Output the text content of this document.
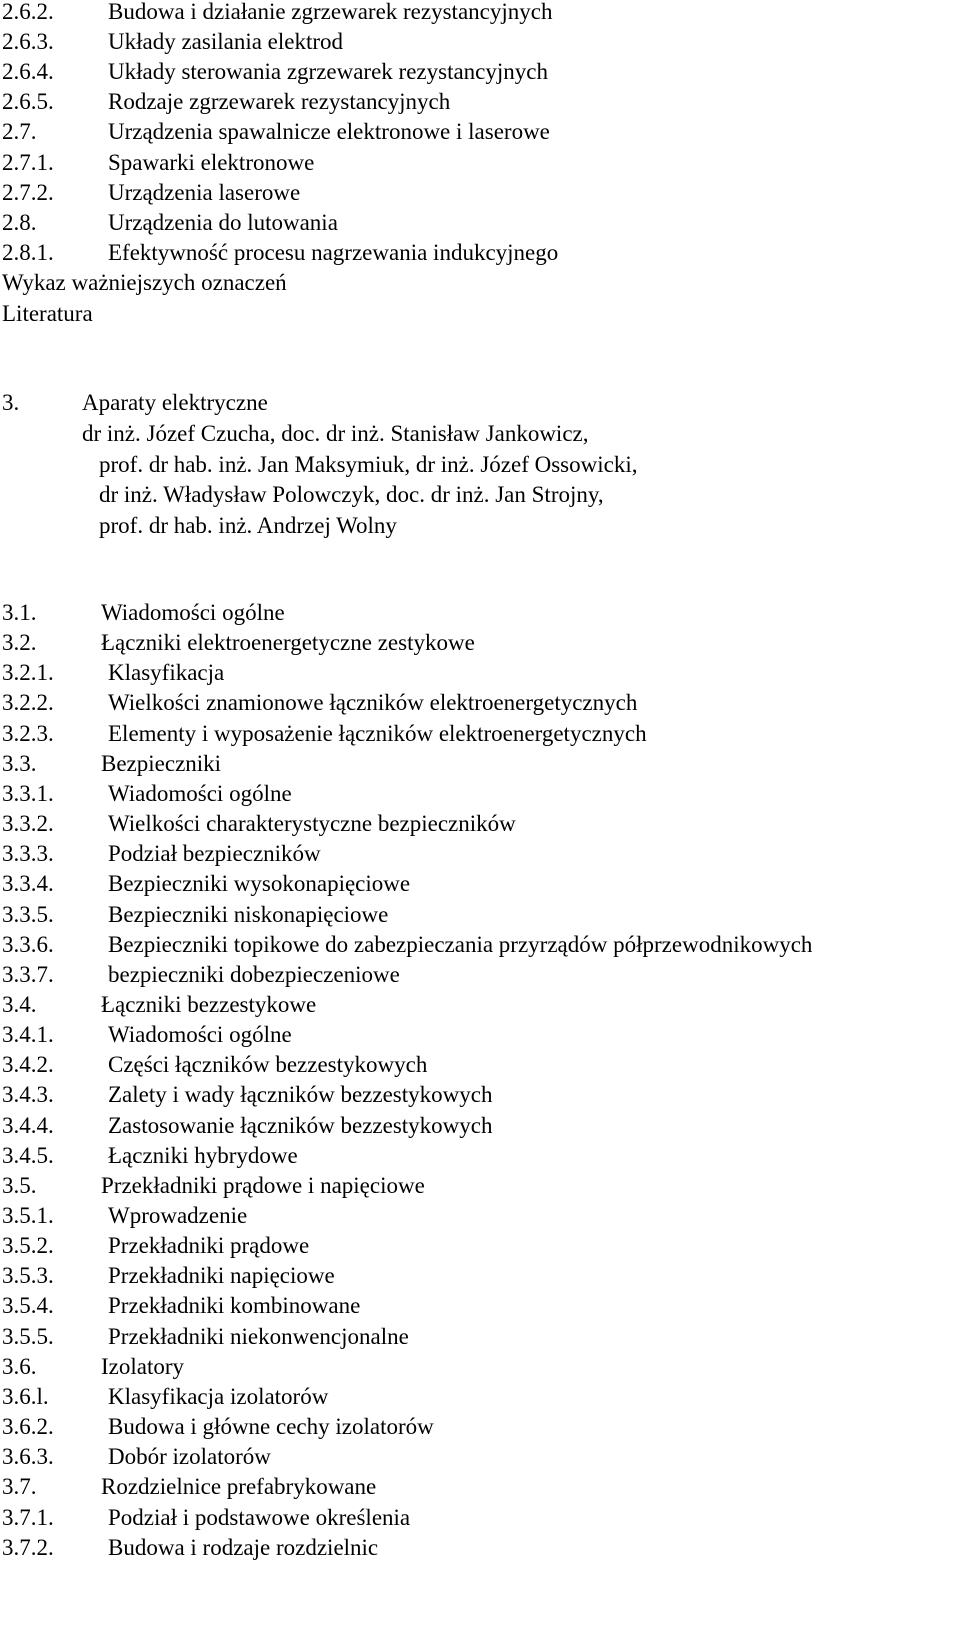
2.6.2. Budowa i działanie zgrzewarek rezystancyjnych
2.6.3. Układy zasilania elektrod
2.6.4. Układy sterowania zgrzewarek rezystancyjnych
2.6.5. Rodzaje zgrzewarek rezystancyjnych
2.7.	Urządzenia spawalnicze elektronowe i laserowe
2.7.1. Spawarki elektronowe
2.7.2. Urządzenia laserowe
2.8.	Urządzenia do lutowania
2.8.1. Efektywność procesu nagrzewania indukcyjnego
Wykaz ważniejszych oznaczeń
Literatura
3.	Aparaty elektryczne
dr inż. Józef Czucha, doc. dr inż. Stanisław Jankowicz,
prof. dr hab. inż. Jan Maksymiuk, dr inż. Józef Ossowicki,
dr inż. Władysław Polowczyk, doc. dr inż. Jan Strojny,
prof. dr hab. inż. Andrzej Wolny
3.1.	Wiadomości ogólne
3.2.	Łączniki elektroenergetyczne zestykowe
3.2.1. Klasyfikacja
3.2.2. Wielkości znamionowe łączników elektroenergetycznych
3.2.3. Elementy i wyposażenie łączników elektroenergetycznych
3.3.	Bezpieczniki
3.3.1. Wiadomości ogólne
3.3.2. Wielkości charakterystyczne bezpieczników
3.3.3. Podział bezpieczników
3.3.4. Bezpieczniki wysokonapięciowe
3.3.5. Bezpieczniki niskonapięciowe
3.3.6. Bezpieczniki topikowe do zabezpieczania przyrządów półprzewodnikowych
3.3.7. bezpieczniki dobezpieczeniowe
3.4.	Łączniki bezzestykowe
3.4.1. Wiadomości ogólne
3.4.2. Części łączników bezzestykowych
3.4.3. Zalety i wady łączników bezzestykowych
3.4.4. Zastosowanie łączników bezzestykowych
3.4.5. Łączniki hybrydowe
3.5.	Przekładniki prądowe i napięciowe
3.5.1. Wprowadzenie
3.5.2. Przekładniki prądowe
3.5.3. Przekładniki napięciowe
3.5.4. Przekładniki kombinowane
3.5.5. Przekładniki niekonwencjonalne
3.6.	Izolatory
3.6.l.	Klasyfikacja izolatorów
3.6.2. Budowa i główne cechy izolatorów
3.6.3. Dobór izolatorów
3.7.	Rozdzielnice prefabrykowane
3.7.1. Podział i podstawowe określenia
3.7.2. Budowa i rodzaje rozdzielnic
